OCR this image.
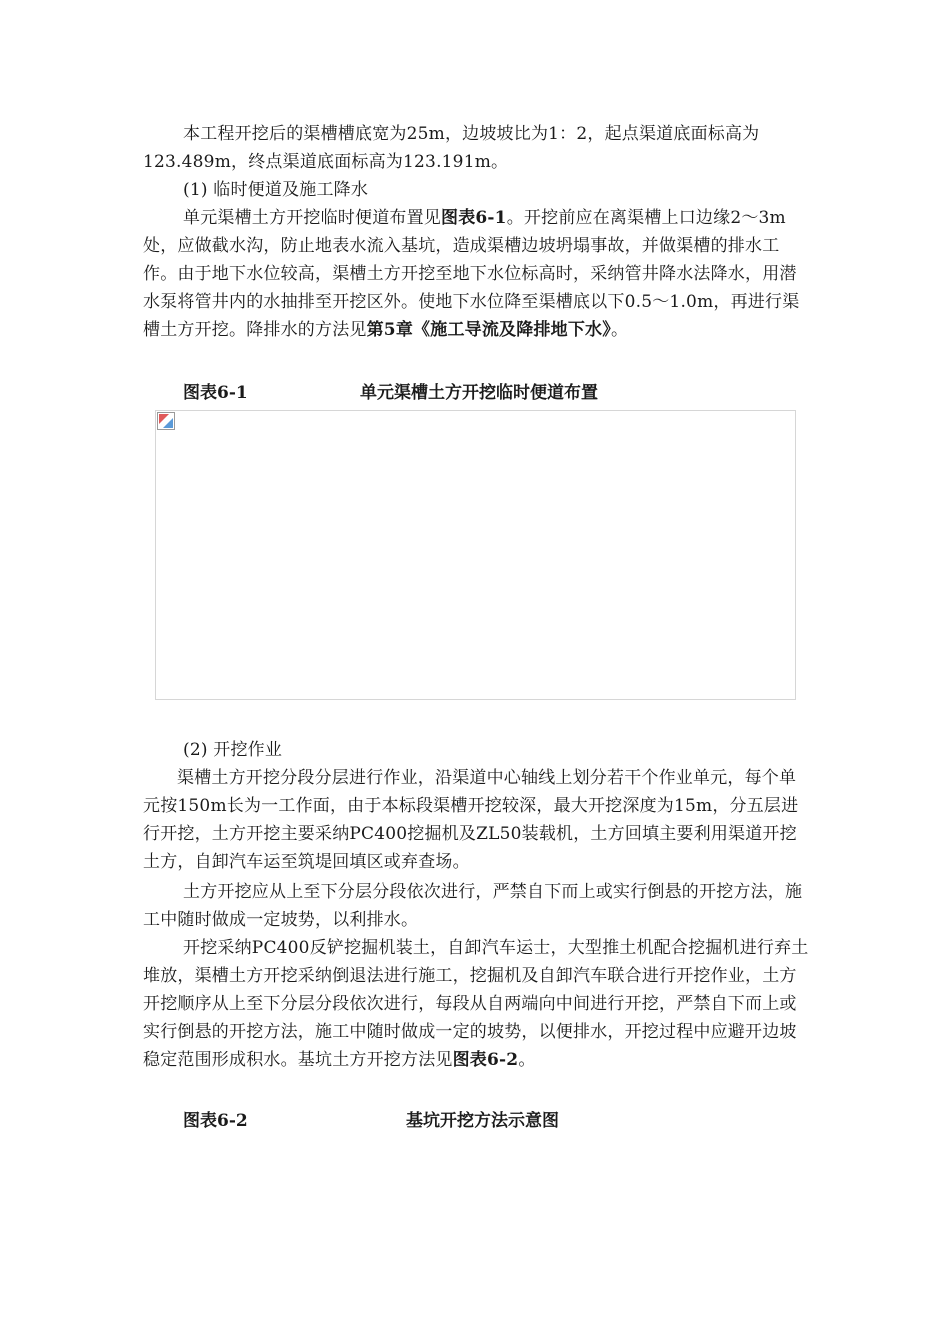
本工程开挖后的渠槽槽底宽为25m，边坡坡比为1：2，起点渠道底面标高为123.489m，终点渠道底面标高为123.191m。

(1) 临时便道及施工降水

单元渠槽土方开挖临时便道布置见图表6-1。开挖前应在离渠槽上口边缘2～3m处，应做截水沟，防止地表水流入基坑，造成渠槽边坡坍塌事故，并做渠槽的排水工作。由于地下水位较高，渠槽土方开挖至地下水位标高时，采纳管井降水法降水，用潜水泵将管井内的水抽排至开挖区外。使地下水位降至渠槽底以下0.5～1.0m，再进行渠槽土方开挖。降排水的方法见第5章《施工导流及降排地下水》。

图表6-1	单元渠槽土方开挖临时便道布置

(2) 开挖作业

渠槽土方开挖分段分层进行作业，沿渠道中心轴线上划分若干个作业单元，每个单元按150m长为一工作面，由于本标段渠槽开挖较深，最大开挖深度为15m，分五层进行开挖，土方开挖主要采纳PC400挖掘机及ZL50装载机，土方回填主要利用渠道开挖土方，自卸汽车运至筑堤回填区或弃查场。

土方开挖应从上至下分层分段依次进行，严禁自下而上或实行倒悬的开挖方法，施工中随时做成一定坡势，以利排水。

开挖采纳PC400反铲挖掘机装土，自卸汽车运士，大型推土机配合挖掘机进行弃土堆放，渠槽土方开挖采纳倒退法进行施工，挖掘机及自卸汽车联合进行开挖作业，土方开挖顺序从上至下分层分段依次进行，每段从自两端向中间进行开挖，严禁自下而上或实行倒悬的开挖方法，施工中随时做成一定的坡势，以便排水，开挖过程中应避开边坡稳定范围形成积水。基坑土方开挖方法见图表6-2。

图表6-2	基坑开挖方法示意图
